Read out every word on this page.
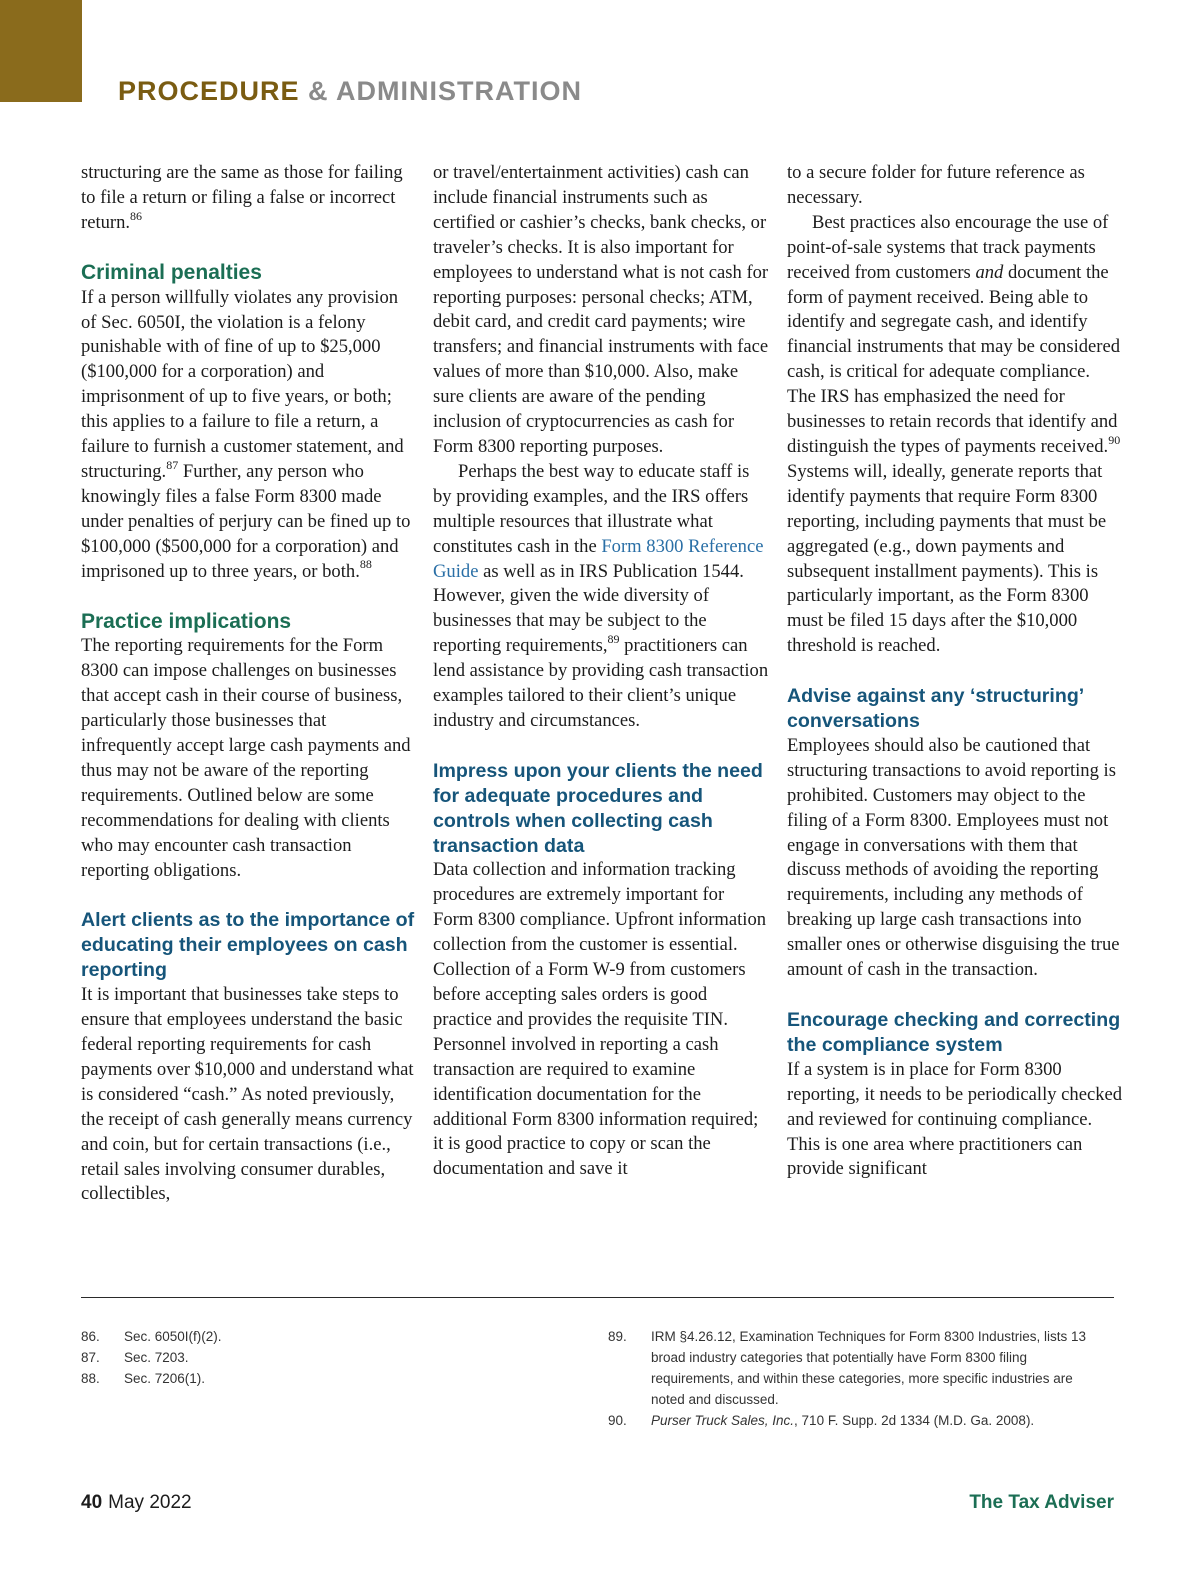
PROCEDURE & ADMINISTRATION

structuring are the same as those for failing to file a return or filing a false or incorrect return.$^{86}$

Criminal penalties

If a person willfully violates any provision of Sec. 6050I, the violation is a felony punishable with of fine of up to $25,000 ($100,000 for a corporation) and imprisonment of up to five years, or both; this applies to a failure to file a return, a failure to furnish a customer statement, and structuring.$^{87}$ Further, any person who knowingly files a false Form 8300 made under penalties of perjury can be fined up to $100,000 ($500,000 for a corporation) and imprisoned up to three years, or both.$^{88}$

Practice implications

The reporting requirements for the Form 8300 can impose challenges on businesses that accept cash in their course of business, particularly those businesses that infrequently accept large cash payments and thus may not be aware of the reporting requirements. Outlined below are some recommendations for dealing with clients who may encounter cash transaction reporting obligations.

Alert clients as to the importance of educating their employees on cash reporting

It is important that businesses take steps to ensure that employees understand the basic federal reporting requirements for cash payments over $10,000 and understand what is considered “cash.” As noted previously, the receipt of cash generally means currency and coin, but for certain transactions (i.e., retail sales involving consumer durables, collectibles,

or travel/entertainment activities) cash can include financial instruments such as certified or cashier’s checks, bank checks, or traveler’s checks. It is also important for employees to understand what is not cash for reporting purposes: personal checks; ATM, debit card, and credit card payments; wire transfers; and financial instruments with face values of more than $10,000. Also, make sure clients are aware of the pending inclusion of cryptocurrencies as cash for Form 8300 reporting purposes.

Perhaps the best way to educate staff is by providing examples, and the IRS offers multiple resources that illustrate what constitutes cash in the Form 8300 Reference Guide as well as in IRS Publication 1544. However, given the wide diversity of businesses that may be subject to the reporting requirements,$^{89}$ practitioners can lend assistance by providing cash transaction examples tailored to their client’s unique industry and circumstances.

Impress upon your clients the need for adequate procedures and controls when collecting cash transaction data

Data collection and information tracking procedures are extremely important for Form 8300 compliance. Upfront information collection from the customer is essential. Collection of a Form W-9 from customers before accepting sales orders is good practice and provides the requisite TIN. Personnel involved in reporting a cash transaction are required to examine identification documentation for the additional Form 8300 information required; it is good practice to copy or scan the documentation and save it

to a secure folder for future reference as necessary.

Best practices also encourage the use of point-of-sale systems that track payments received from customers and document the form of payment received. Being able to identify and segregate cash, and identify financial instruments that may be considered cash, is critical for adequate compliance. The IRS has emphasized the need for businesses to retain records that identify and distinguish the types of payments received.$^{90}$ Systems will, ideally, generate reports that identify payments that require Form 8300 reporting, including payments that must be aggregated (e.g., down payments and subsequent installment payments). This is particularly important, as the Form 8300 must be filed 15 days after the $10,000 threshold is reached.

Advise against any ‘structuring’ conversations

Employees should also be cautioned that structuring transactions to avoid reporting is prohibited. Customers may object to the filing of a Form 8300. Employees must not engage in conversations with them that discuss methods of avoiding the reporting requirements, including any methods of breaking up large cash transactions into smaller ones or otherwise disguising the true amount of cash in the transaction.

Encourage checking and correcting the compliance system

If a system is in place for Form 8300 reporting, it needs to be periodically checked and reviewed for continuing compliance. This is one area where practitioners can provide significant

86. Sec. 6050I(f)(2).
87. Sec. 7203.
88. Sec. 7206(1).
89. IRM §4.26.12, Examination Techniques for Form 8300 Industries, lists 13 broad industry categories that potentially have Form 8300 filing requirements, and within these categories, more specific industries are noted and discussed.
90. Purser Truck Sales, Inc., 710 F. Supp. 2d 1334 (M.D. Ga. 2008).
40 May 2022	The Tax Adviser
